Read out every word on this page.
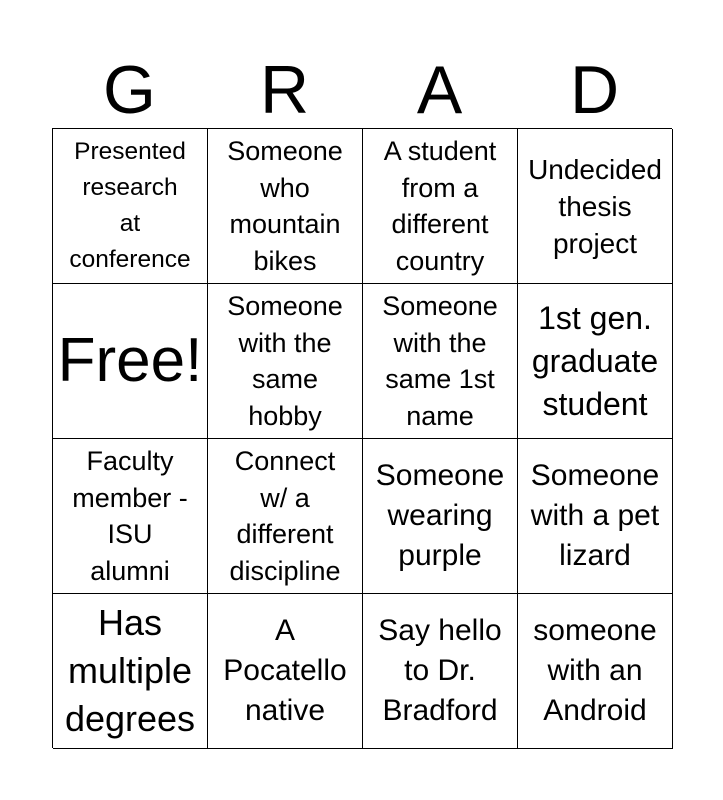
G	R	A	D
Presented
research
at
conference
Someone
who
mountain
bikes
A student
from a
different
country
Undecided
thesis
project
Free!
Someone
with the
same
hobby
Someone
with the
same 1st
name
1st gen.
graduate
student
Faculty
member -
ISU
alumni
Connect
w/ a
different
discipline
Someone
wearing
purple
Someone
with a pet
lizard
Has
multiple
degrees
A
Pocatello
native
Say hello
to Dr.
Bradford
someone
with an
Android
